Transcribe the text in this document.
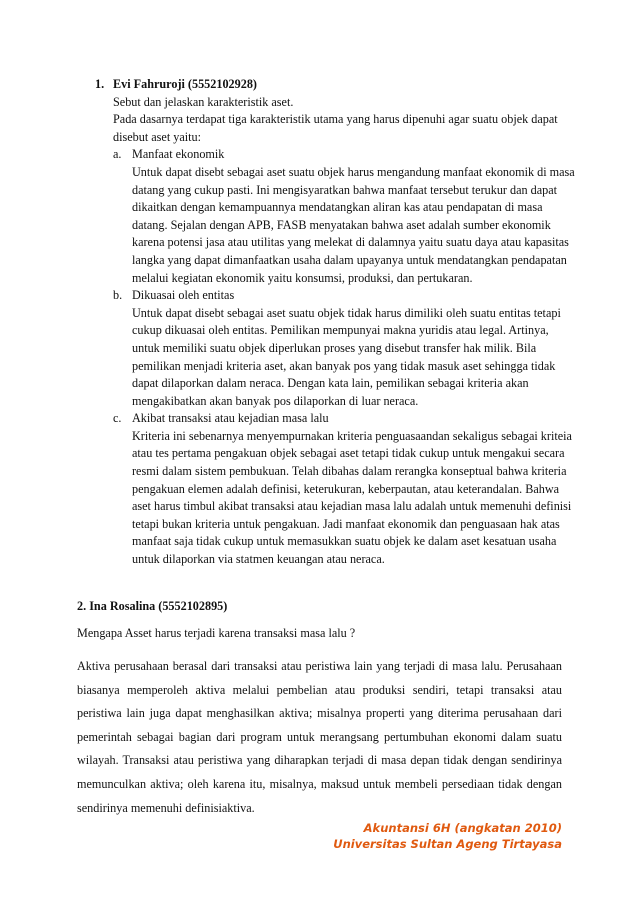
1. Evi Fahruroji (5552102928)
Sebut dan jelaskan karakteristik aset.
Pada dasarnya terdapat tiga karakteristik utama yang harus dipenuhi agar suatu objek dapat disebut aset yaitu:
a. Manfaat ekonomik
Untuk dapat disebt sebagai aset suatu objek harus mengandung manfaat ekonomik di masa datang yang cukup pasti. Ini mengisyaratkan bahwa manfaat tersebut terukur dan dapat dikaitkan dengan kemampuannya mendatangkan aliran kas atau pendapatan di masa datang. Sejalan dengan APB, FASB menyatakan bahwa aset adalah sumber ekonomik karena potensi jasa atau utilitas yang melekat di dalamnya yaitu suatu daya atau kapasitas langka yang dapat dimanfaatkan usaha dalam upayanya untuk mendatangkan pendapatan melalui kegiatan ekonomik yaitu konsumsi, produksi, dan pertukaran.
b. Dikuasai oleh entitas
Untuk dapat disebt sebagai aset suatu objek tidak harus dimiliki oleh suatu entitas tetapi cukup dikuasai oleh entitas. Pemilikan mempunyai makna yuridis atau legal. Artinya, untuk memiliki suatu objek diperlukan proses yang disebut transfer hak milik. Bila pemilikan menjadi kriteria aset, akan banyak pos yang tidak masuk aset sehingga tidak dapat dilaporkan dalam neraca. Dengan kata lain, pemilikan sebagai kriteria akan mengakibatkan akan banyak pos dilaporkan di luar neraca.
c. Akibat transaksi atau kejadian masa lalu
Kriteria ini sebenarnya menyempurnakan kriteria penguasaandan sekaligus sebagai kriteia atau tes pertama pengakuan objek sebagai aset tetapi tidak cukup untuk mengakui secara resmi dalam sistem pembukuan. Telah dibahas dalam rerangka konseptual bahwa kriteria pengakuan elemen adalah definisi, keterukuran, keberpautan, atau keterandalan. Bahwa aset harus timbul akibat transaksi atau kejadian masa lalu adalah untuk memenuhi definisi tetapi bukan kriteria untuk pengakuan. Jadi manfaat ekonomik dan penguasaan hak atas manfaat saja tidak cukup untuk memasukkan suatu objek ke dalam aset kesatuan usaha untuk dilaporkan via statmen keuangan atau neraca.
2. Ina Rosalina (5552102895)
Mengapa Asset harus terjadi karena transaksi masa lalu ?
Aktiva perusahaan berasal dari transaksi atau peristiwa lain yang terjadi di masa lalu. Perusahaan biasanya memperoleh aktiva melalui pembelian atau produksi sendiri, tetapi transaksi atau peristiwa lain juga dapat menghasilkan aktiva; misalnya properti yang diterima perusahaan dari pemerintah sebagai bagian dari program untuk merangsang pertumbuhan ekonomi dalam suatu wilayah. Transaksi atau peristiwa yang diharapkan terjadi di masa depan tidak dengan sendirinya memunculkan aktiva; oleh karena itu, misalnya, maksud untuk membeli persediaan tidak dengan sendirinya memenuhi definisiaktiva.
Akuntansi 6H (angkatan 2010)
Universitas Sultan Ageng Tirtayasa
